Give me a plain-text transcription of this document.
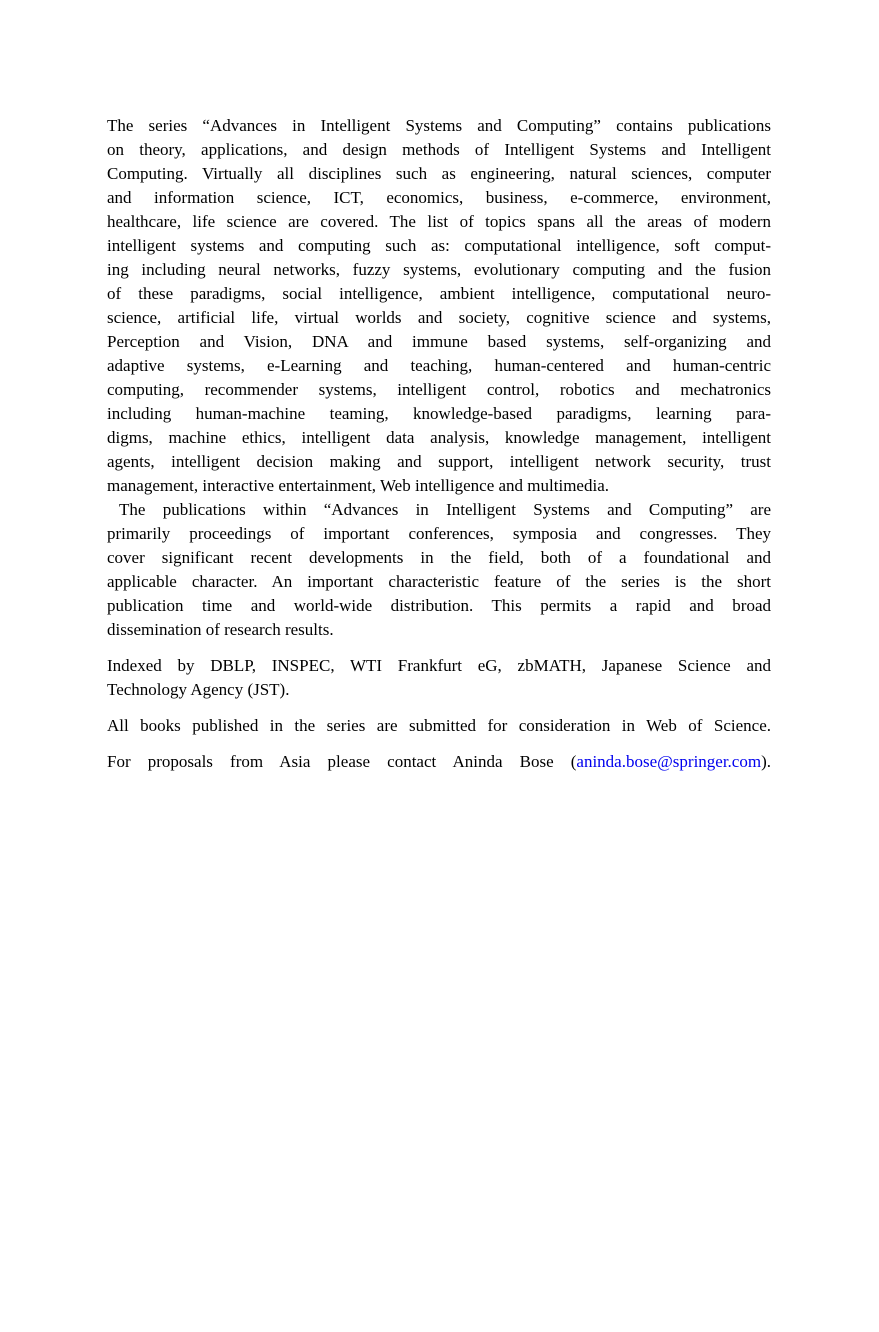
The series “Advances in Intelligent Systems and Computing” contains publications
on theory, applications, and design methods of Intelligent Systems and Intelligent
Computing. Virtually all disciplines such as engineering, natural sciences, computer
and information science, ICT, economics, business, e-commerce, environment,
healthcare, life science are covered. The list of topics spans all the areas of modern
intelligent systems and computing such as: computational intelligence, soft comput-
ing including neural networks, fuzzy systems, evolutionary computing and the fusion
of these paradigms, social intelligence, ambient intelligence, computational neuro-
science, artificial life, virtual worlds and society, cognitive science and systems,
Perception and Vision, DNA and immune based systems, self-organizing and
adaptive systems, e-Learning and teaching, human-centered and human-centric
computing, recommender systems, intelligent control, robotics and mechatronics
including human-machine teaming, knowledge-based paradigms, learning para-
digms, machine ethics, intelligent data analysis, knowledge management, intelligent
agents, intelligent decision making and support, intelligent network security, trust
management, interactive entertainment, Web intelligence and multimedia.
The publications within “Advances in Intelligent Systems and Computing” are
primarily proceedings of important conferences, symposia and congresses. They
cover significant recent developments in the field, both of a foundational and
applicable character. An important characteristic feature of the series is the short
publication time and world-wide distribution. This permits a rapid and broad
dissemination of research results.
Indexed by DBLP, INSPEC, WTI Frankfurt eG, zbMATH, Japanese Science and
Technology Agency (JST).
All books published in the series are submitted for consideration in Web of Science.
For proposals from Asia please contact Aninda Bose (aninda.bose@springer.com).
